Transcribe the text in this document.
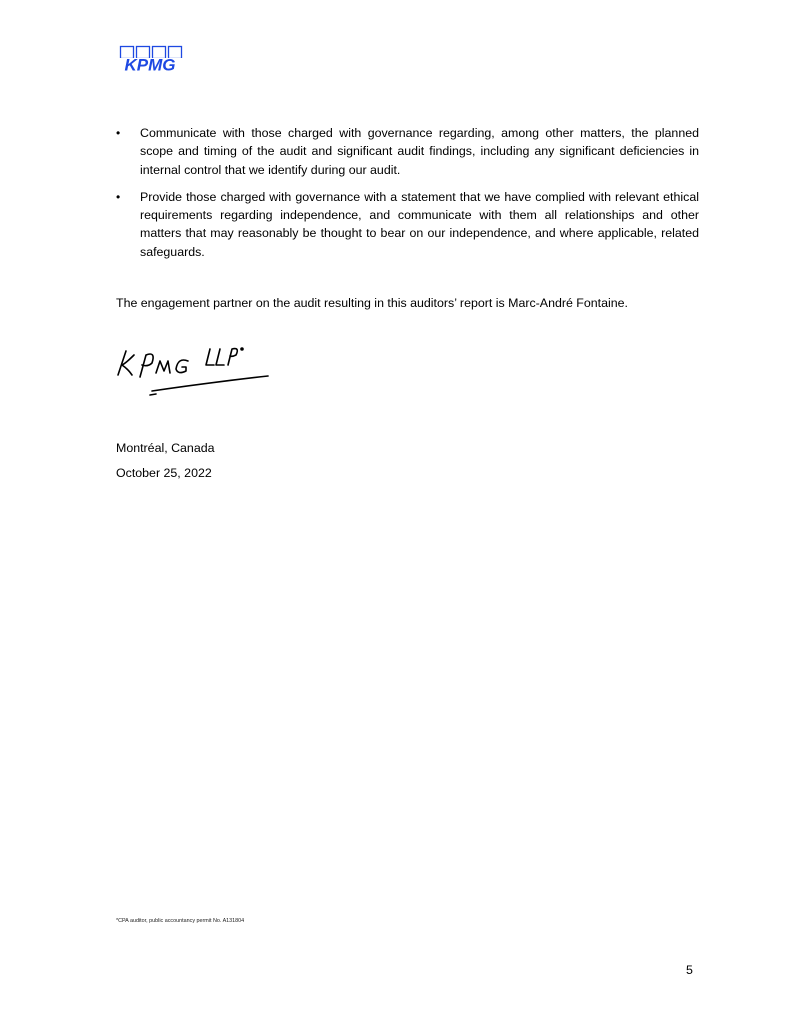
KPMG
• Communicate with those charged with governance regarding, among other matters, the planned scope and timing of the audit and significant audit findings, including any significant deficiencies in internal control that we identify during our audit.
• Provide those charged with governance with a statement that we have complied with relevant ethical requirements regarding independence, and communicate with them all relationships and other matters that may reasonably be thought to bear on our independence, and where applicable, related safeguards.
The engagement partner on the audit resulting in this auditors’ report is Marc-André Fontaine.
Montréal, Canada
October 25, 2022
*CPA auditor, public accountancy permit No. A131804
5
